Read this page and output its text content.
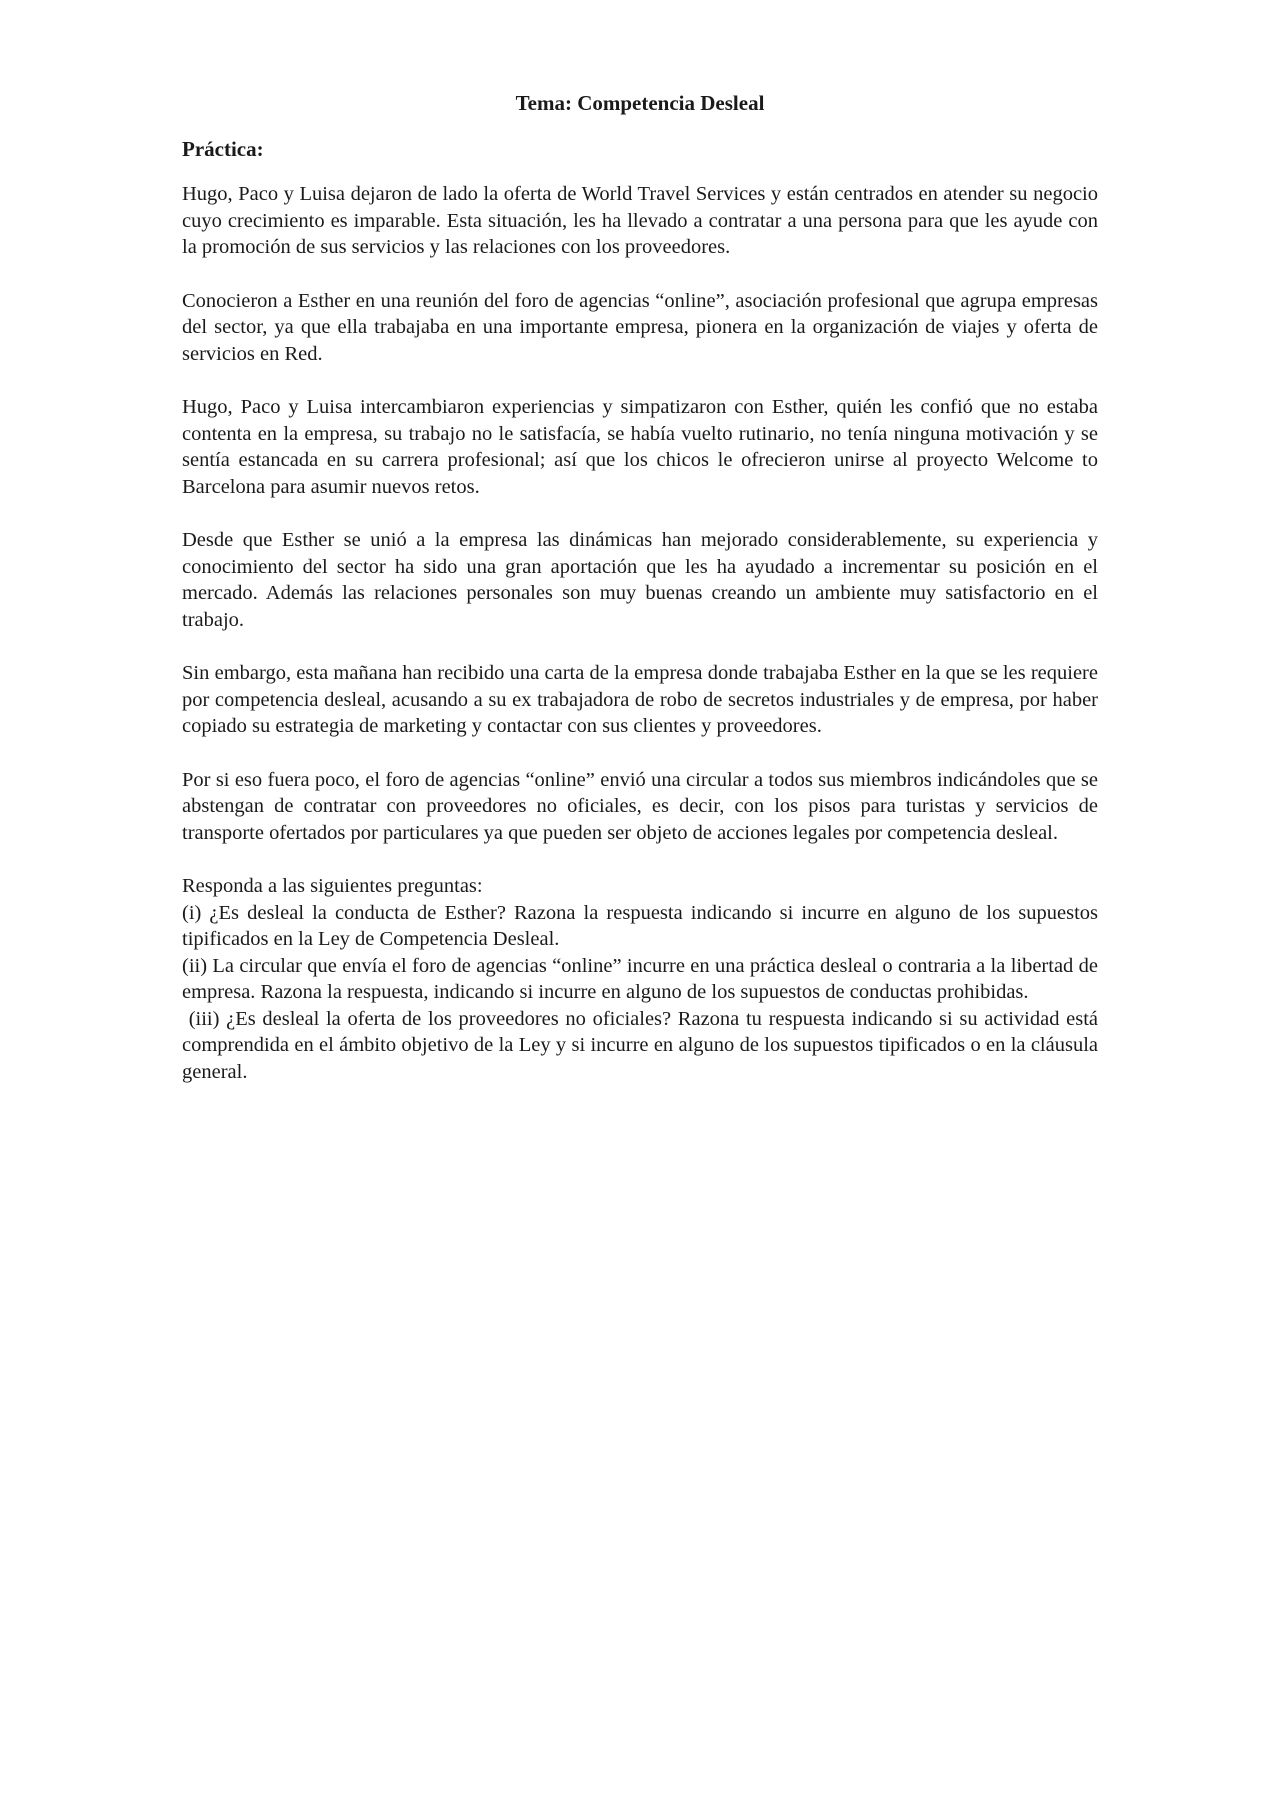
Tema: Competencia Desleal
Práctica:

Hugo, Paco y Luisa dejaron de lado la oferta de World Travel Services y están centrados en atender su negocio cuyo crecimiento es imparable. Esta situación, les ha llevado a contratar a una persona para que les ayude con la promoción de sus servicios y las relaciones con los proveedores.

Conocieron a Esther en una reunión del foro de agencias “online”, asociación profesional que agrupa empresas del sector, ya que ella trabajaba en una importante empresa, pionera en la organización de viajes y oferta de servicios en Red.

Hugo, Paco y Luisa intercambiaron experiencias y simpatizaron con Esther, quién les confió que no estaba contenta en la empresa, su trabajo no le satisfacía, se había vuelto rutinario, no tenía ninguna motivación y se sentía estancada en su carrera profesional; así que los chicos le ofrecieron unirse al proyecto Welcome to Barcelona para asumir nuevos retos.

Desde que Esther se unió a la empresa las dinámicas han mejorado considerablemente, su experiencia y conocimiento del sector ha sido una gran aportación que les ha ayudado a incrementar su posición en el mercado. Además las relaciones personales son muy buenas creando un ambiente muy satisfactorio en el trabajo.

Sin embargo, esta mañana han recibido una carta de la empresa donde trabajaba Esther en la que se les requiere por competencia desleal, acusando a su ex trabajadora de robo de secretos industriales y de empresa, por haber copiado su estrategia de marketing y contactar con sus clientes y proveedores.

Por si eso fuera poco, el foro de agencias “online” envió una circular a todos sus miembros indicándoles que se abstengan de contratar con proveedores no oficiales, es decir, con los pisos para turistas y servicios de transporte ofertados por particulares ya que pueden ser objeto de acciones legales por competencia desleal.

Responda a las siguientes preguntas:

(i) ¿Es desleal la conducta de Esther? Razona la respuesta indicando si incurre en alguno de los supuestos tipificados en la Ley de Competencia Desleal.

(ii) La circular que envía el foro de agencias “online” incurre en una práctica desleal o contraria a la libertad de empresa. Razona la respuesta, indicando si incurre en alguno de los supuestos de conductas prohibidas.

(iii) ¿Es desleal la oferta de los proveedores no oficiales? Razona tu respuesta indicando si su actividad está comprendida en el ámbito objetivo de la Ley y si incurre en alguno de los supuestos tipificados o en la cláusula general.
